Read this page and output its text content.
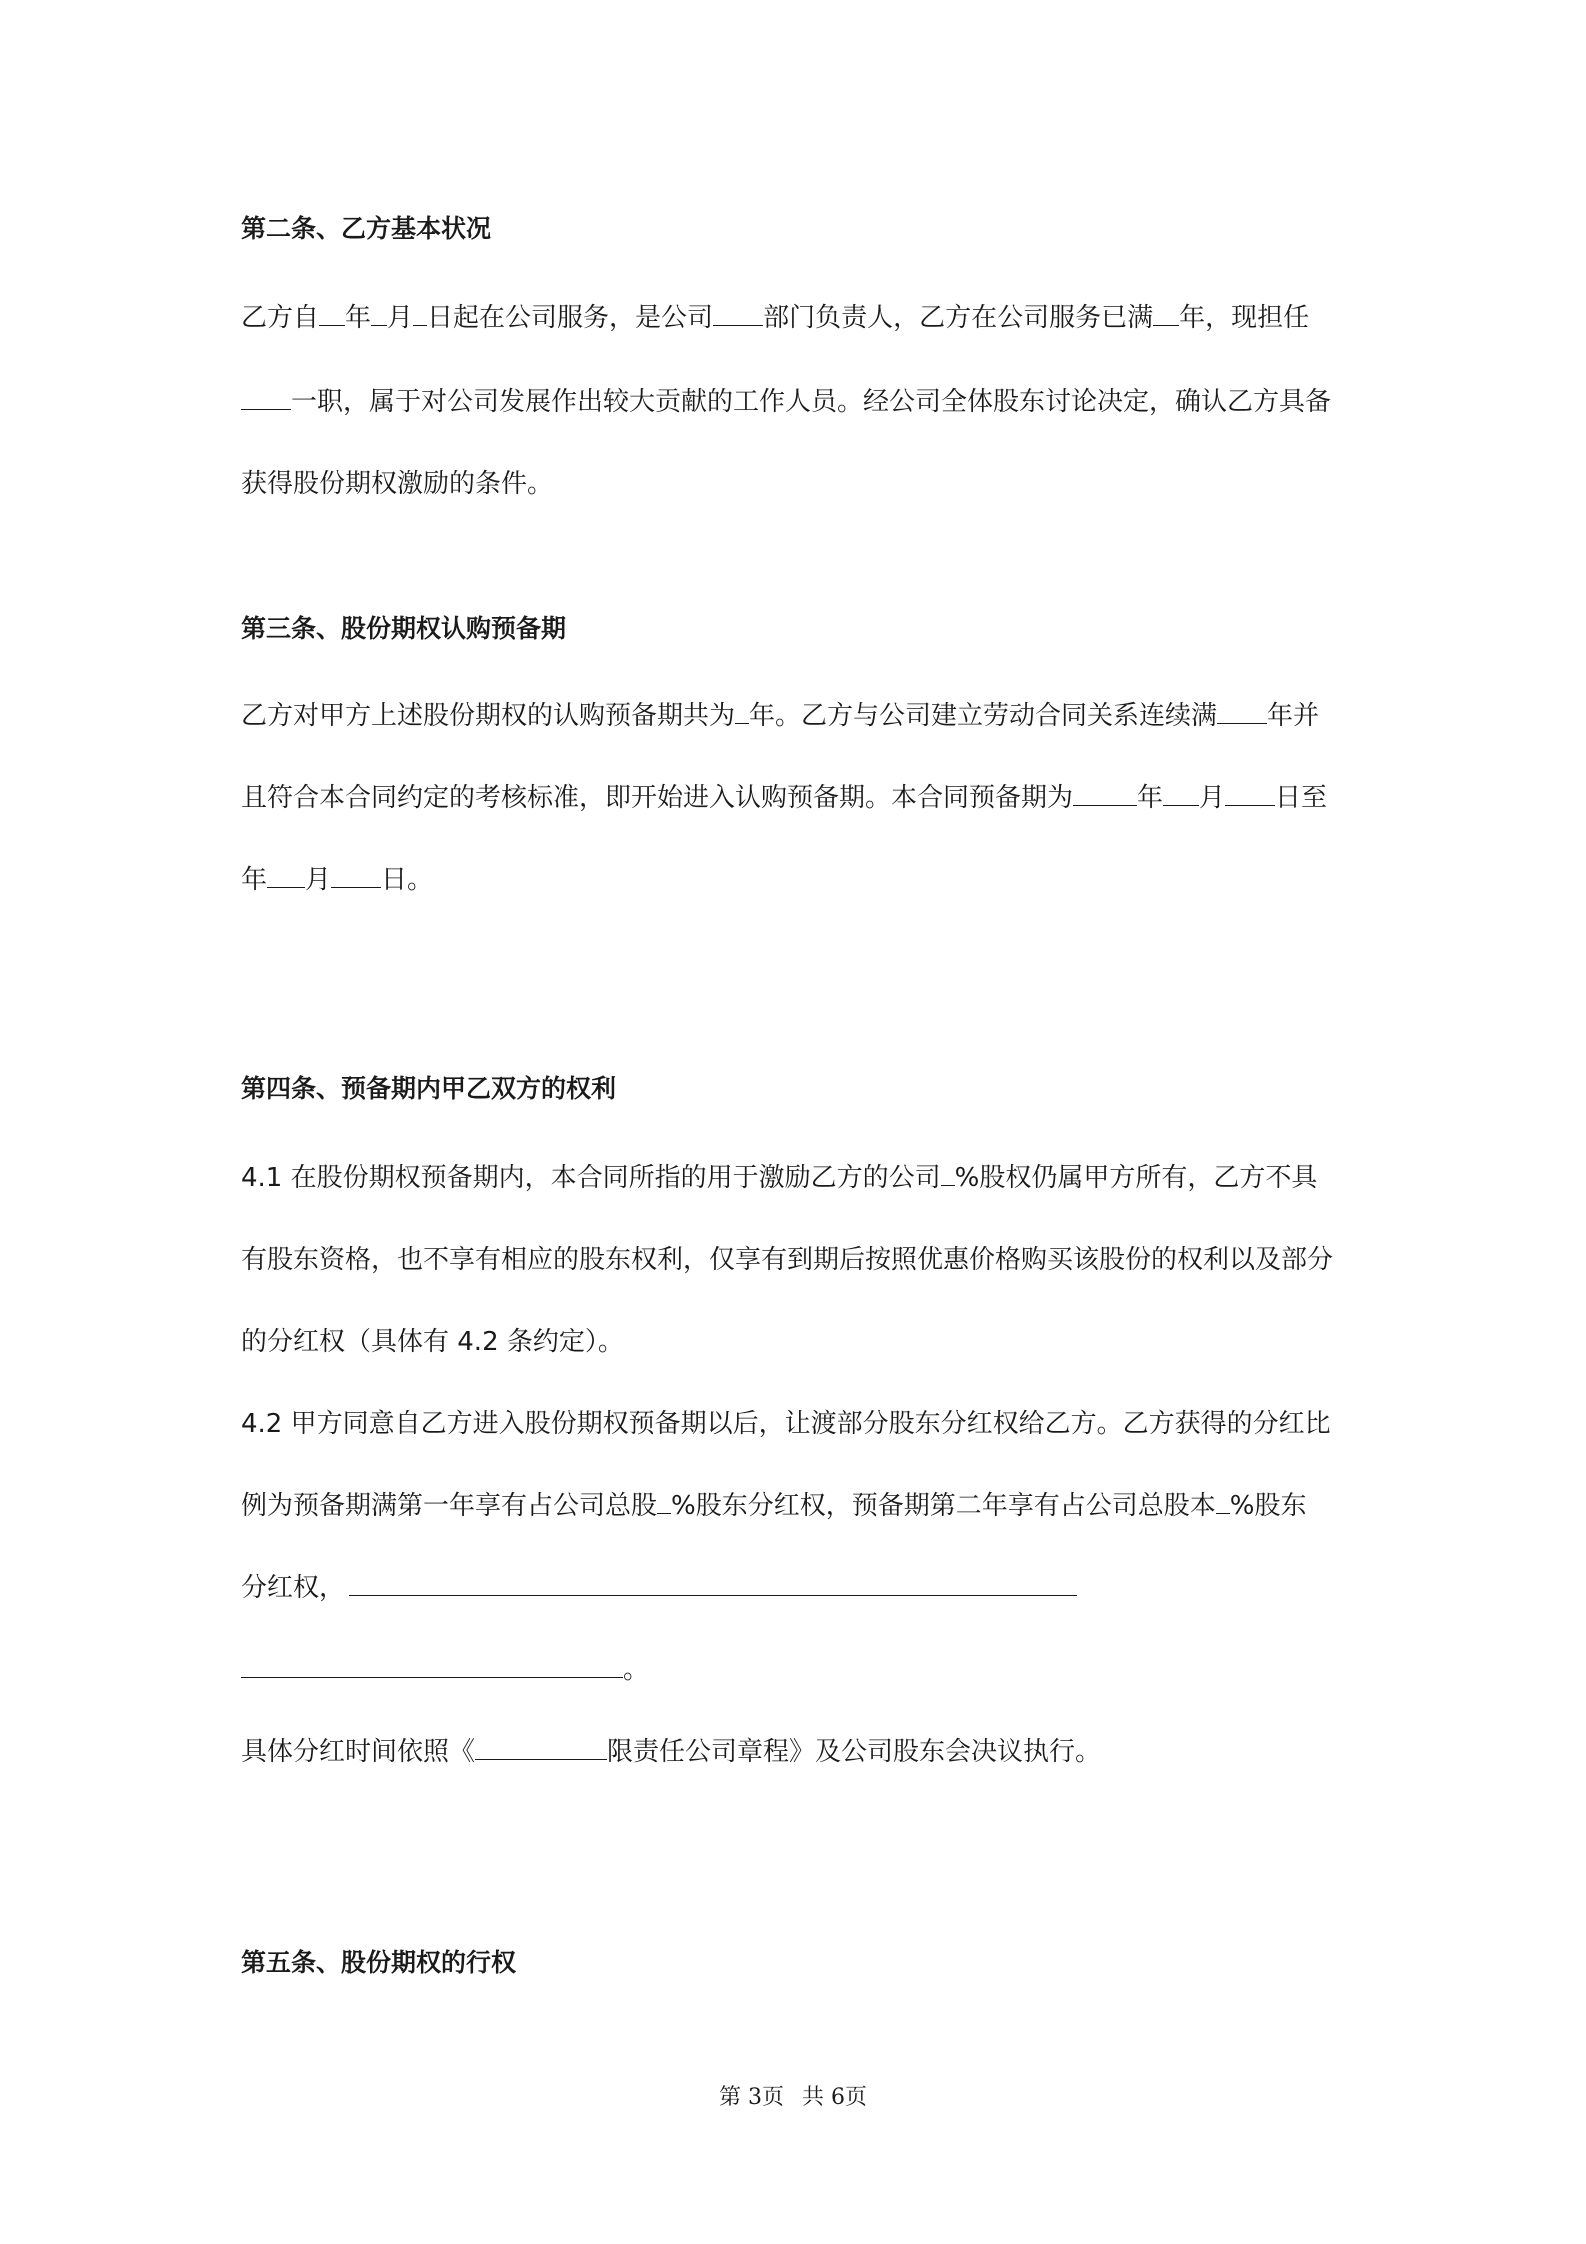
第二条、乙方基本状况

乙方自 年 月 日起在公司服务，是公司 部门负责人，乙方在公司服务已满 年，现担任

一职，属于对公司发展作出较大贡献的工作人员。经公司全体股东讨论决定，确认乙方具备

获得股份期权激励的条件。

第三条、股份期权认购预备期

乙方对甲方上述股份期权的认购预备期共为 年。乙方与公司建立劳动合同关系连续满 年并

且符合本合同约定的考核标准，即开始进入认购预备期。本合同预备期为 年 月 日至

年 月 日。

第四条、预备期内甲乙双方的权利

4.1 在股份期权预备期内，本合同所指的用于激励乙方的公司 %股权仍属甲方所有，乙方不具

有股东资格，也不享有相应的股东权利，仅享有到期后按照优惠价格购买该股份的权利以及部分

的分红权（具体有 4.2 条约定）。

4.2 甲方同意自乙方进入股份期权预备期以后，让渡部分股东分红权给乙方。乙方获得的分红比

例为预备期满第一年享有占公司总股 %股东分红权，预备期第二年享有占公司总股本 %股东

分红权，

。

具体分红时间依照《	限责任公司章程》及公司股东会决议执行。

第五条、股份期权的行权
第 3页 共 6页
